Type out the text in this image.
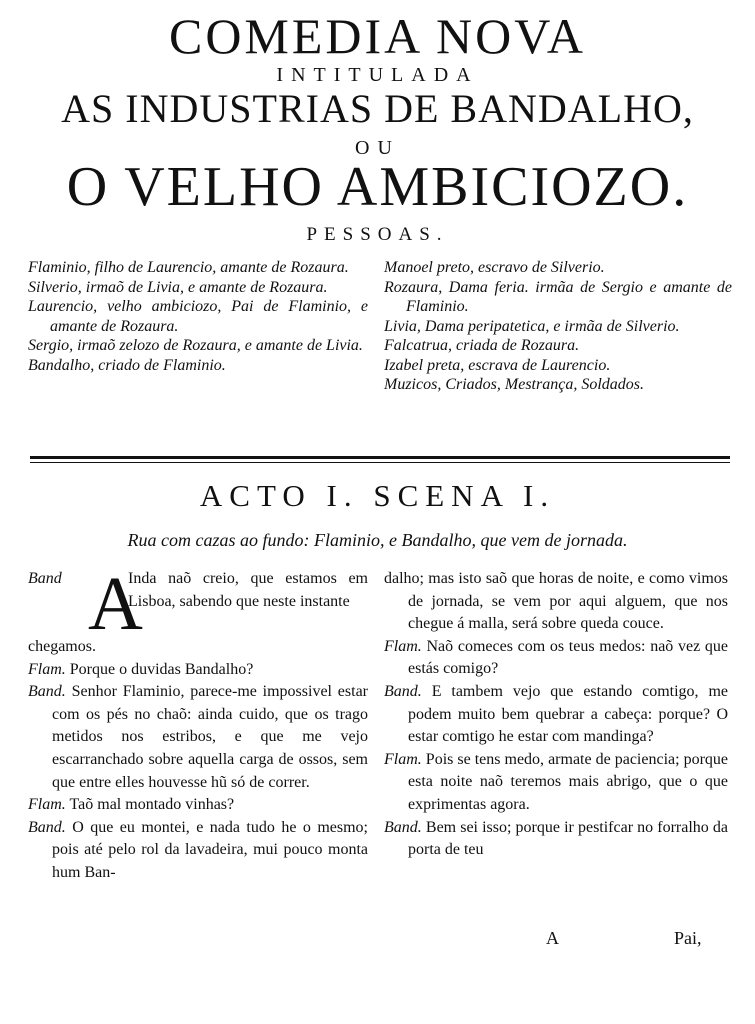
COMEDIA NOVA
INTITULADA
AS INDUSTRIAS DE BANDALHO,
OU
O VELHO AMBICIOZO.
PESSOAS.
Flaminio, filho de Laurencio, amante de Rozaura.
Silverio, irmaõ de Livia, e amante de Rozaura.
Laurencio, velho ambiciozo, Pai de Flaminio, e amante de Rozaura.
Sergio, irmaõ zelozo de Rozaura, e amante de Livia.
Bandalho, criado de Flaminio.
Manoel preto, escravo de Silverio.
Rozaura, Dama feria. irmãa de Sergio e amante de Flaminio.
Livia, Dama peripatetica, e irmãa de Silverio.
Falcatrua, criada de Rozaura.
Izabel preta, escrava de Laurencio.
Muzicos, Criados, Mestrança, Soldados.
ACTO I. SCENA I.
Rua com cazas ao fundo: Flaminio, e Bandalho, que vem de jornada.
Band A
Inda naõ creio, que estamos em Lisboa, sabendo que neste instante
chegamos.
Flam. Porque o duvidas Bandalho?
Band. Senhor Flaminio, parece-me impossivel estar com os pés no chaõ: ainda cuido, que os trago metidos nos estribos, e que me vejo escarranchado sobre aquella carga de ossos, sem que entre elles houvesse hũ só de correr.
Flam. Taõ mal montado vinhas?
Band. O que eu montei, e nada tudo he o mesmo; pois até pelo rol da lavadeira, mui pouco monta hum Ban-
dalho; mas isto saõ que horas de noite, e como vimos de jornada, se vem por aqui alguem, que nos chegue á malla, será sobre queda couce.
Flam. Naõ comeces com os teus medos: naõ vez que estás comigo?
Band. E tambem vejo que estando comtigo, me podem muito bem quebrar a cabeça: porque? O estar comtigo he estar com mandinga?
Flam. Pois se tens medo, armate de paciencia; porque esta noite naõ teremos mais abrigo, que o que exprimentas agora.
Band. Bem sei isso; porque ir pestifcar no forralho da porta de teu
A	Pai,
